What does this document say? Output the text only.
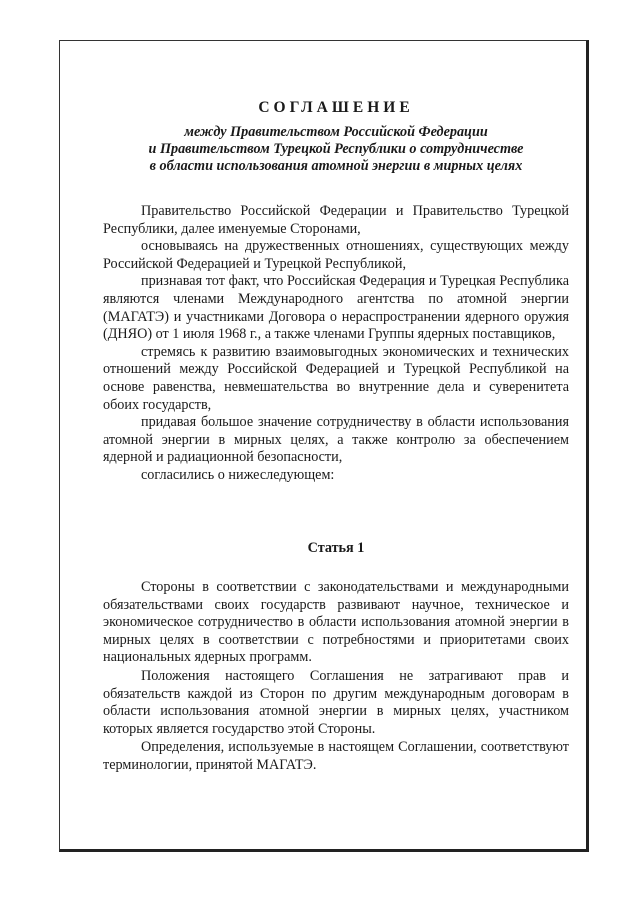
СОГЛАШЕНИЕ
между Правительством Российской Федерации
и Правительством Турецкой Республики о сотрудничестве
в области использования атомной энергии в мирных целях

Правительство Российской Федерации и Правительство Турецкой Республики, далее именуемые Сторонами,

основываясь на дружественных отношениях, существующих между Российской Федерацией и Турецкой Республикой,

признавая тот факт, что Российская Федерация и Турецкая Республика являются членами Международного агентства по атомной энергии (МАГАТЭ) и участниками Договора о нераспространении ядерного оружия (ДНЯО) от 1 июля 1968 г., а также членами Группы ядерных поставщиков,

стремясь к развитию взаимовыгодных экономических и технических отношений между Российской Федерацией и Турецкой Республикой на основе равенства, невмешательства во внутренние дела и суверенитета обоих государств,

придавая большое значение сотрудничеству в области использования атомной энергии в мирных целях, а также контролю за обеспечением ядерной и радиационной безопасности,

согласились о нижеследующем:

Статья 1

Стороны в соответствии с законодательствами и международными обязательствами своих государств развивают научное, техническое и экономическое сотрудничество в области использования атомной энергии в мирных целях в соответствии с потребностями и приоритетами своих национальных ядерных программ.

Положения настоящего Соглашения не затрагивают прав и обязательств каждой из Сторон по другим международным договорам в области использования атомной энергии в мирных целях, участником которых является государство этой Стороны.

Определения, используемые в настоящем Соглашении, соответствуют терминологии, принятой МАГАТЭ.
